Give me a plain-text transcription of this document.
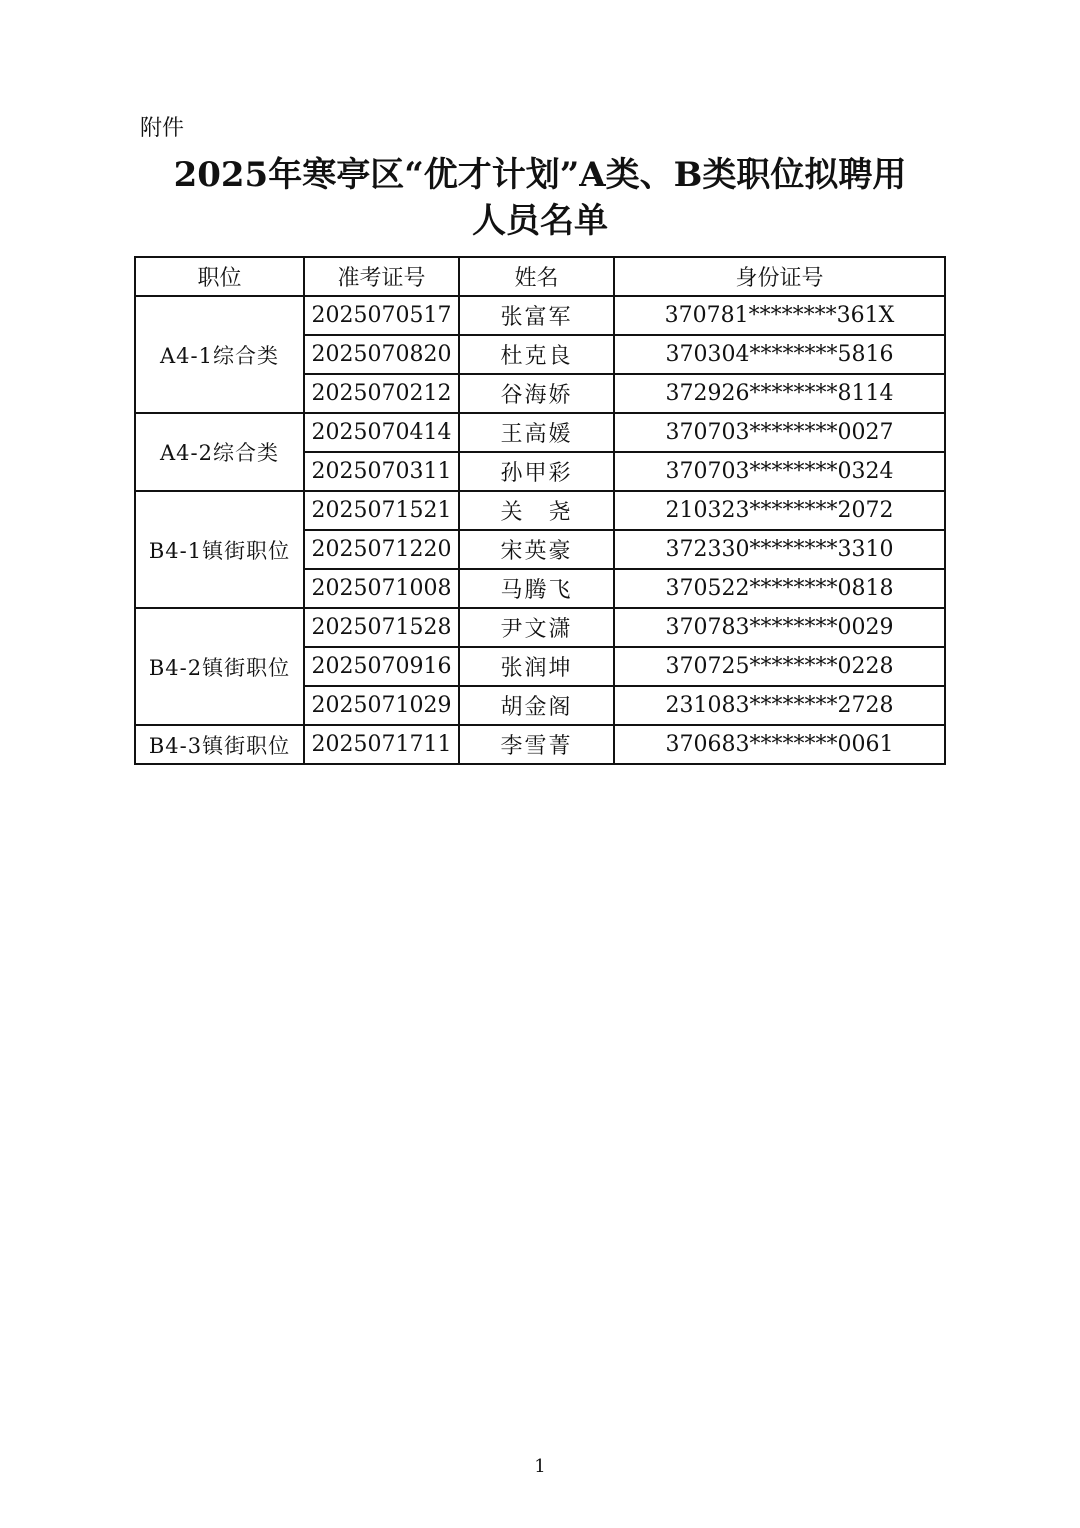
附件
2025年寒亭区“优才计划”A类、B类职位拟聘用
人员名单
职位	准考证号	姓名	身份证号
A4-1综合类	2025070517	张富军	370781********361X
	2025070820	杜克良	370304********5816
	2025070212	谷海娇	372926********8114
A4-2综合类	2025070414	王高媛	370703********0027
	2025070311	孙甲彩	370703********0324
B4-1镇街职位	2025071521	关　尧	210323********2072
	2025071220	宋英豪	372330********3310
	2025071008	马腾飞	370522********0818
B4-2镇街职位	2025071528	尹文潇	370783********0029
	2025070916	张润坤	370725********0228
	2025071029	胡金阁	231083********2728
B4-3镇街职位	2025071711	李雪菁	370683********0061
1
